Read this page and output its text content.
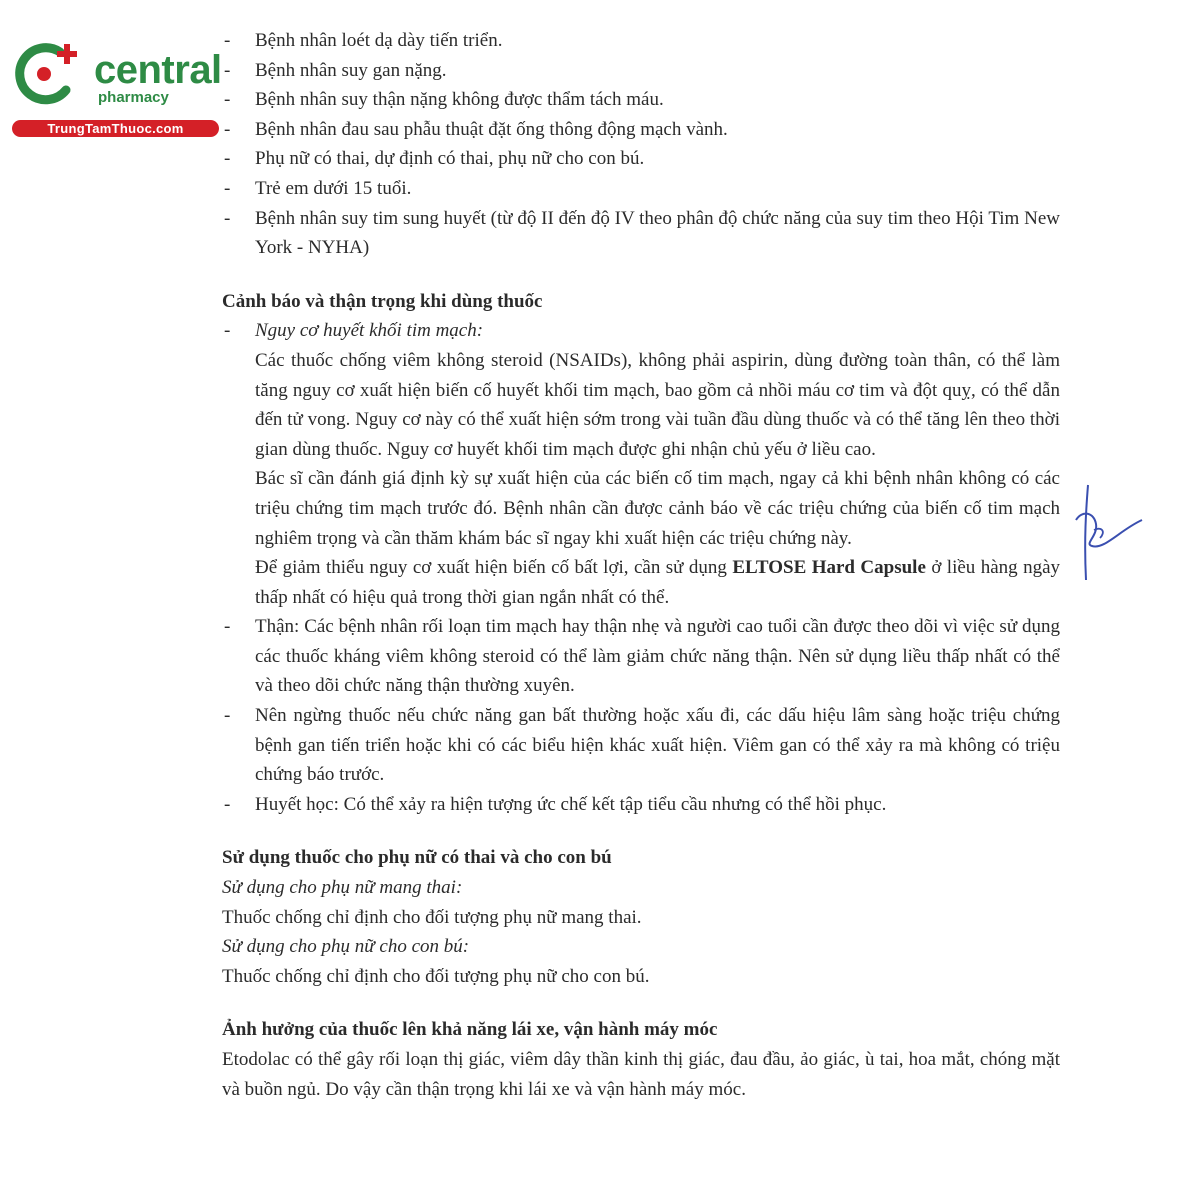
central
pharmacy
TrungTamThuoc.com
- Bệnh nhân loét dạ dày tiến triển.
- Bệnh nhân suy gan nặng.
- Bệnh nhân suy thận nặng không được thẩm tách máu.
- Bệnh nhân đau sau phẫu thuật đặt ống thông động mạch vành.
- Phụ nữ có thai, dự định có thai, phụ nữ cho con bú.
- Trẻ em dưới 15 tuổi.
- Bệnh nhân suy tim sung huyết (từ độ II đến độ IV theo phân độ chức năng của suy tim theo Hội Tim New York - NYHA)

Cảnh báo và thận trọng khi dùng thuốc

- Nguy cơ huyết khối tim mạch:

Các thuốc chống viêm không steroid (NSAIDs), không phải aspirin, dùng đường toàn thân, có thể làm tăng nguy cơ xuất hiện biến cố huyết khối tim mạch, bao gồm cả nhồi máu cơ tim và đột quỵ, có thể dẫn đến tử vong. Nguy cơ này có thể xuất hiện sớm trong vài tuần đầu dùng thuốc và có thể tăng lên theo thời gian dùng thuốc. Nguy cơ huyết khối tim mạch được ghi nhận chủ yếu ở liều cao.

Bác sĩ cần đánh giá định kỳ sự xuất hiện của các biến cố tim mạch, ngay cả khi bệnh nhân không có các triệu chứng tim mạch trước đó. Bệnh nhân cần được cảnh báo về các triệu chứng của biến cố tim mạch nghiêm trọng và cần thăm khám bác sĩ ngay khi xuất hiện các triệu chứng này.

Để giảm thiểu nguy cơ xuất hiện biến cố bất lợi, cần sử dụng ELTOSE Hard Capsule ở liều hàng ngày thấp nhất có hiệu quả trong thời gian ngắn nhất có thể.

- Thận: Các bệnh nhân rối loạn tim mạch hay thận nhẹ và người cao tuổi cần được theo dõi vì việc sử dụng các thuốc kháng viêm không steroid có thể làm giảm chức năng thận. Nên sử dụng liều thấp nhất có thể và theo dõi chức năng thận thường xuyên.
- Nên ngừng thuốc nếu chức năng gan bất thường hoặc xấu đi, các dấu hiệu lâm sàng hoặc triệu chứng bệnh gan tiến triển hoặc khi có các biểu hiện khác xuất hiện. Viêm gan có thể xảy ra mà không có triệu chứng báo trước.
- Huyết học: Có thể xảy ra hiện tượng ức chế kết tập tiểu cầu nhưng có thể hồi phục.

Sử dụng thuốc cho phụ nữ có thai và cho con bú

Sử dụng cho phụ nữ mang thai:

Thuốc chống chỉ định cho đối tượng phụ nữ mang thai.

Sử dụng cho phụ nữ cho con bú:

Thuốc chống chỉ định cho đối tượng phụ nữ cho con bú.

Ảnh hưởng của thuốc lên khả năng lái xe, vận hành máy móc

Etodolac có thể gây rối loạn thị giác, viêm dây thần kinh thị giác, đau đầu, ảo giác, ù tai, hoa mắt, chóng mặt và buồn ngủ. Do vậy cần thận trọng khi lái xe và vận hành máy móc.
